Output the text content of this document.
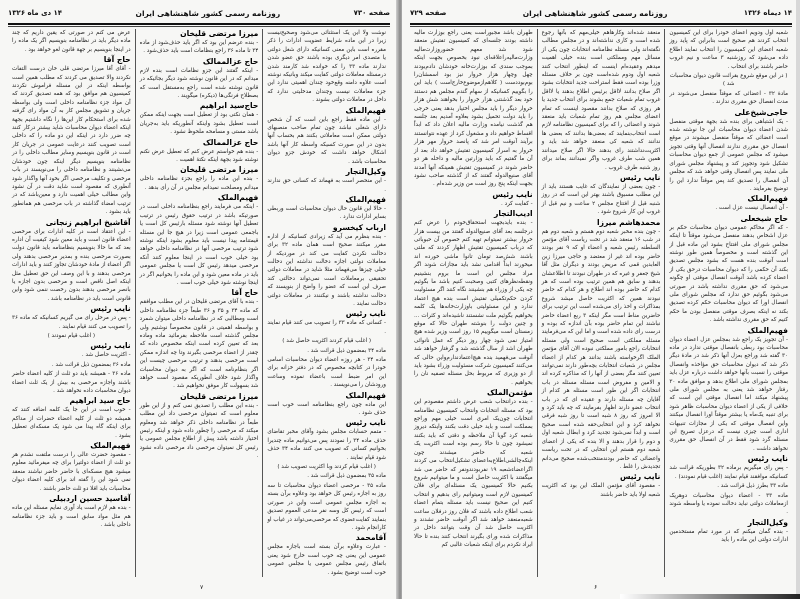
صفحه ۷۳۰
روزنامه رسمی کشور شاهنشاهی ایران
۱۴ دی ماه ۱۳۲۶

نوشت ولا این یک استثنائی می‌شود وصحیح‌نیست زیرا در این ماده شرایط عضویت ادارات را ذکر مقرره است باین معنی کسانیکه دارای شغل دولتی یا متصدی امر دیگری بوده باشند حق عضو شدن ندارند ماده ۳۳ را که خوانده شد کارمند شدن درمسئله معاملات دولتی کفایت میکند وبانیکه نوشته است علاوه دامنه وقع‌خود چندان اهمیتی ندارد این جزء معاملات نیست وچندان مدخلیتی ندارد که داخل در معاملات دولتی بشوند .

فهیم‌الملک

- این ماده فقط راجع باین است که آن شخص دارای شغلی نباشد چون تمام صاحب منصبهای دولتی ممکن است معاملاتی بکنند هم بحساب آنها بدون در این صورت کسیکه واسطه کار آنها باشد اشکال خواهد داشت که خودش جزو دیوان محاسبات باشد .

وکیل‌التجار

- این منحصر است به فهماند که کسانی حق ندارند .

فهیم‌الملک

- حالا این قانون حال دیوان محاسبات است وربطی بسایر ادارات ندارد .

ارباب کیخسرو

- بنده بنظرم می آید که زیرادی کسانیکه از اداره مقرر میکنند صحیح است همان ماده ۳۲ برای دخالت نکردن کفایت می کند در موردیکه از معاملات دولتی اجازه دخالت نداشته این دخالت خیلی چیزها می‌فهماند مثلا شاید در معاملات دولتی تحقیقی برمعاملات است نمی‌تواند دخالتی کند صرف این است که عضو را واضح از بنویسند که دخالت نداشته باشند و نیکنندد در معاملات دولتی دخالت نمایند .

نایب رئیس

- کسانی که ماده ۳۳ را تصویب می کنند قیام نمایند .

( اغلب قیام کردند اکثریت حاصل شد )

ماده ۳۴ بمضمون ذیل قرائت شد .

ماده ۳۴ - هر روزه اعضاء دیوان محاسبات اسامی خودرا در کتابچه مخصوص که در دفتر خزانه برای این امر ضبط است باعضاء نموده وساعت ورودشان را می‌نویسند .

فهیم‌الملک

این ماده چون راجع بنظامنامه است خوب است حذف شود .

نایب رئیس

- متمم حسابات مجلس بشود وآقای مخبر تقاضای حذف ماده ۳۴ را نمودند پس می‌توانیم ماده چندیرا بخوانیم کسانی که تصویب می کنند ماده ۳۴ حذف شود قیام نمایند .

( اغلب قیام کردند وبا اکثریت تصویب شد )

ماده ۳۵ بمضمون ذیل قرائت شد .

ماده ۳۵ - مرخصی اعضاء دیوان محاسبات تا سه روز به اجازه رئیس کل خواهد بود وعلاوه برآن بسته به اجازه مجلس عمومی است واین در صورتی است که رئیس کل وسه نفر مدعی العموم تصدیق بنمایند کفایت‌عضوی که مرخصی‌می‌تواند در غیاب او کارانجام شود .

آقامحمد

- عبارت وعلاوه برآن بسته است باجازه مجلس عمومی این یعنی چه خوب است خارج شود یعنی باتفاق رئیس مجلس عمومی یا مجلس عمومی خوب است توضیح بشود .

میرزا مرتضی قلیخان

- بنده عرضم این بود که اگر باید حذف‌شود از ماده ۳۴ تا ماده ۳۶ راجع بنظامات است باید حذف‌شود .

حاج عزالممالک

- اینکه گفتند این جزو نظامات است بنده لازم میدانم که در این قانون نوشته شود دیگر بجائیکه در قانون نوشته شده است راجع به‌مستقل است که بصطلاح فرنگی‌ها (دیکره) میگویند .

حاج‌سید ابراهیم

- همان نکتی بود از تعطیل است بجهت اینکه ممکن است تعطیل بشود واینکه آنطوریکه باید به‌جریان باشد مستی و مسامحه ملحوظ نشود .

حاج عزالممالک

- بنده هم خواستم عرض کنم که تعطیل عرض نکنم نوشته شود بجهة اینکه نکتهٔ اهمیت .

میرزا مرتضی قلیخان

- بنده این ماده را راجع بجزء نظامنامه داخلی میدانم ومصلحت نمیدانم مجلس در آن رأی بدهد .

فهیم‌الملک

- اینکه می فرمایند راجع بنظامنامه داخلی است در صورتیکه باشد در ترتیب حقوق رئیس در ترتیب تعطیل آنها نوشته شود مسئله بارئیس کل است یا باجمعی عمومی است زیرا در هیچ جا این مسئله قیمتنامه پیدا نیست باید معلوم بشود اینکه نوشته شود ترتیب مرخصی آنها در نظامنامه داخلی خواهد بود خیلی خوب است در اینجا معلوم کنند آنکه مرخصی میدهد رئیس کل است یا مجلس عمومی باید در ماده معین شود و این ماده را بخوانیم اگر در اینجا نوشته شود خیلی خوب است .

حاج آقا

- بنده با آقای مرتضی قلیخان در این مطلب موافقم که ماده ۳۴ و ۳۵ و ۳۶ طبعاً جزء نظامنامه داخلی است ومطالبی که در نظامنامه داخلی میتوان شمرد و بواسطه اهمیتی در قانون مخصوصاً نوشتیم ولی مجلس گذشته است ملاحظه بفرمائید ماده وماده بعد که تعیین کرده است اینکه مخصوص داده که چقدر از اعضاء مرخصی بگیرند وتا چه اندازه ممکن است مرخصی بدهند و ترتیب مرخصی چیست این اگر بنظام‌نامه است که اگر به دیوان محاسبات واگذار شود خلاف آنطوریکه مقصود است خواهد شد بسهولت کار موفق نخواهیم شد .

میرزا مرتضی قلیخان

- بنده این مطلب را تصدیق نمی کنم و از این طور معلوم است که نمیتوان مرخصی داد این مطلب طبعاً در نظامنامه داخلی ذکر خواهد شد ومعلوم میکند که مرخصی را چطور داده شود و اینکه رئیس اختیار داشته باشد پیش از اطلاع مجلس عمومی یا رئیس کل نمیتوان مرخصی داد مرخصی داده نشود .

عرض می کنم در صورتی که یقین داریم که چند ماده دیگر باید در نظامنامه بنویسیم اگر یک ماده را در اینجا بنویسیم بر جهة قانون لغو خواهد بود .

حاج آقا

- آقای آقا میرزا مرتضی قلی خان درست التفات نکردند والا تصدیق می کردند که مطلب همین است بواسطه اینکه در این مسئله فراموش نکردند کمیسیون هم موافق بود که همه تصدیق کردند که آن مواد جزء نظامنامه داخلی است ولی بواسطه جریان و تشویق مجلس کار به آن مواد رای گرفته شده برای استحکام کار این‌ها را نگاه داشتیم بجهة اینکه اعضاء دیوان محاسبات شاید بیشتر درکار کنند چه ضرر دارد در اینکه این دو ماده را که داخلی است تصویب کنند درعایت عمومی در جریان کار است در قانون بنویسیم وسایر مطالب داخلی را در نظامنامه بنویسیم دیگر اینکه چون خودشان می‌نشینند و نظامنامه داخلی را می‌نویسند در باب مرخصی و تکلیف مرخصی اگر بخود آنها واگذار شود آنطوری که مقصود است شاید دقت در آن نشود واین مطالب خیلی اهمیت دارد و معین‌باشد که در ترتیب امضاء گذاشته در باب مرخصی هم همانطور باید بشود .

آقاشیخ ابراهیم زنجانی

- این اعتقاد است در کلیه ادارات برای مرخصی اعضاء قانون است و باید معین شود کیفیت آن اداره بعد که ما حالا بنویسیم بنظامنامه باید قانون دولت بصورت مرخصی بنده و بمدیر مرخصی بدهند ولی اگر اعضاء از مادهٔ خودشان تجاوز کنند و باید ادارات مرخصی بدهند و با این وصف این حق تعطیل مثل اینکه اصل ناقص است و مرخصی بدون اجازه یا بانصر مرخصی بدهند بدون رخصت ننمی شود واین قانونی است باید در نظامنامه باشد .

نایب رئیس

- پس در مرحل رای می گیریم کسانیکه که ماده ۳۶ را تصویب می کنند قیام نمایند .

( اغلب قیام نمودند )

نایب رئیس

- اکثریت حاصل شد .

ماده ۳۶ بمضمون ذیل قرائت شد .

ماده ۳۶ - همیشه باید دو ثلث از کلیه اعضاء حاضر باشند واجازه مرخصی به بیش از یک ثلث اعضاء دیوان محاسبات داده نخواهد شد .

حاج سید ابراهیم

- خوب است در این جا یک کلمه اضافه کنند که همیشه دو ثلث از کلیه اعضاء حضرات از مداکم برای اینکه گاه پیدا می شود یک مسکه‌ای تعطیل بشود .

فهیم‌الملک

- مقصود حضرت عالی را درست ملتفت نشدم هر دو ثلث از اعضاء دولتیرا برای چه میفرمائید معلوم میشود هیچ مسکه‌ای با حاضر حاضر نباشند منعقد نمی شود این را گفته اند برای کلیه اعضاء دیوان محاسبات باید اقلا دو ثلث حاضر باشند .

آقاسید حسین اردبیلی

- بنده هم لازم است یاد آوری نمایم مسئله این ماده هم مثل مواد سابق است و باید جزء نظامنامه داخلی باشد .

۷
۱۴ دیماه ۱۳۲۶
روزنامه رسمی کشور شاهنشاهی ایران
صفحه ۷۲۹

شعبه اول ودویم اعضای خودرا برای این کمیسیون انتخاب کردند‌ هم صحیح است بنابراین که پاید روز شعبه اعضای این کمیسیون را انتخاب نمایند اطلاع داده می‌شود که روزشنبه ۳ ساعت و نیم غروب حاضر باشند برای انتخاب .

( در این موقع شروع بقرائت قانون دیوان محاسبات شد )

مادهٔ ۳۲ - اعضائی که موقتاً منفصل می‌شوند در مدت انفصال حق مقرری ندارند .

حاجی‌شیخ‌علی

- یک اشتباهی برای بنده شد بجهة موقتی منفصل شدن اعضاء دیوان محاسبات این جا نوشته شده است اعضائی که موقتاً منفصل میشوند در موقع انفصال حق مقرری ندارند انفصال آنها وقتی تجویز میشود که مجلس عمومی از جمع دیوان محاسبات تشکیل شود وتجویز کند و پیشنهاد مجلس شورای ملی نمایند پس انفصال وقتی خواهد شد که مجلس آن انفصال را تصدیق کند پس موقتاً ندارد این را توضیح بفرمایند .

فهیم‌الملک

- آن انفصال نیست عزل است .

حاج شیخعلی

- که اگر محاکم عمومی دیوان محاسبات حکم بر عزل اشخاص بدهند منفصل می‌شود موقتاً تا اینکه مجلس شورای ملی افتتاح بشود این ماده قبل از این گذشته است و مخصوصاً همین طور نوشته است آنوقت بنده هست که بشود مجلس تصدیق بکند آن حکمی را که دیوان محاسبات درحق یکی از اعضاء کرده باشد آنوقت انفصال موقتی او چگونه می‌شود که حق مقرری نداشته باشد در صورتی می‌شود بگوئیم حق ندارد که مجلس شورای ملی انفصال اورا که دیوان محاسبات حکم کرده تصدیق بکند نه اینکه بصرف موقتی منفصل بودن ما حکم کنیم که حق مقرری نداشته باشد .

فهیم‌الملک

- آن تجویز یک راجع شد بمجلس عزل اعضاء دیوان محاسبات بود ربطی بانفصال موقتی ندارد در ماده ۳۰ گفته شد وراجع بعزل آنها ذکر شد در مادهٔ دیگر ذکر شد که دیوان محاسبات حق مؤاخذه وانفصال موقتی را نسبت بآنها خواهد داشت درباره عزل باید بمجلس شورای ملی اطلاع بدهد و موافق ماده ۳۰ رفتار خواهد شد یعنی به مجلس شورای ملی پیشنهاد میکند اما انفصال موقتی این است که خلافی از یکی از اعضاء دیوان محاسبات ظاهر شود برای تنبیه یک‌ماه یا بیشتر موقتاً اورا انفصال میکنند واین انفصال موقتی که یکی از مجازات تنبیهات اداری است چیزی نیست که درعزل تصریح این مسئله گرد شود فقط در آن انفصال حق مقرری نخواهد داشت .

نایب رئیس

- پس رای میگیریم برماده ۳۲ بطوریکه قرائت شد کسانیکه موافقند قیام نمایند (اغلب قیام نمودند) .

ماده ۳۳ بطرز ذیل قرائت شد .

ماده ۳۳ - اعضاء دیوان محاسبات دوهریک ازمعاملات دولتی نباید دخالت نموده یا واسطه شوند .

وکیل‌التجار

- بنده گمان میکنم که در مورد تمام مستخدمین ادارات دولتی این ماده را باید

منعقد شده‌اند وکارهاهم خیلی‌مهم که بآنها رجوع شده است و کاری نداشته‌اند و در مجلس مطالب نگفته‌اند ولی مسئله نظامنامه انتخابات چون یکی از مسائل مهم ومملکتی است بنده خیلی اهمیت میدهم وعقیده‌ام اینست که اینطور انتخاب کنند شعبه اول ودوم شده‌است چون بر خلاف مسئله وزرا بوده است فقط استراحت جدید انتخابات بشود اگر صلاح بدانند لااقل برئیس اطلاع بدهند یا لااقل غروب تمام شعبات جمع بشوند برای انتخاب جدید یا هر روزی که صلاح بدانند مقصود اینست که تمام اعضای مجلس هم روز تمام شعبات باید منعقد شوند و اعضائی را که برای کمیسیون نظامنامه لازم است انتخاب‌بنمایند که بعضی‌ها بدانند که بعضی ها ندانند که شعبه کی منعقد خواهد شد باید و اکثریت‌نداشتند رای بدهند حالا اگر صلاح میدانند همین شب طرف غروب واگر نمیدانند بماند برای روز شنبه طرف غروب .

نایب رئیس

- چون بعضی از نمایندگان که غایب هستند باید از این مطلب مسبوق باشند بهتر این است که در روز شنبه قبل از افتتاح مجلس ۲ ساعت و نیم قبل از غروب این کار شروع شود .

محمدهاشم میرزا

- چون بنده مخبر شعبه دوم هستم و شعبه دوم هم در شب ۱۶ منعقد شد در تحت ریاست آقای مؤتمن السلطنه رئیس شعبه و اعضاء او که ۹ نفر بودند حاضر بوده اند غیر از معتضد و حاجی میرزا زین العابدین قمی که مریض بودند و دیگران مثل آقا شیخ جعفر و غیره که در طهران نبودند تا اطلاعشان بدهند و سابق هم همین ترتیب بوده است که هر کدام که حاضر بوده اند اطلاع و هر کدام که حاضر نبودند همین که اکثریت حاصل میشد شروع بمذاکرات و اخذ رای می‌شده است این ترتیب برای حاضرین مناط است مگر اینکه ۳ ربع اعضاء حاضر نباشند این تمام حاضر بوده بآن اندازه که بوده و درست رای داده شده است و اما این که می‌فرمایند مسئله مملکتی است صحیح است ولی مسئله انتخابات راجع بامور مملکتی نبوده الان آقای مؤتمن الملک اگرخواسته باشند بدانند هر کدام از اعضاء مجلس در شعبات انتخابات بچه‌طور دارند نمی‌توانند تعیین کنند مگر بعضی از آنها را که مذاکره کرده اند و الامین و مفروض است مسئله مسئله در باب انتخابات اگر این طور است مسئله هر کدام از آقایان چه مسئله دارند و عقیده ای که در باب انتخاب عضو دارند اظهار بفرمایند که چه باید کرد و الا امروز که روز ۸ شبه است تا روز شبه فرقی نخواهد کرد و این انتخابی‌حقه شده است صحیح است و ابداً نمی‌شود تجدید کرد و ابطال شعبه اول و دوم را قرار بدهند و الا بنده که یکی از اعضای شعبه دوم هستم این انتخابی که در تحت ریاست واعضائی که حاضر بودند‌منتخب‌شده صحیح می‌دانم تجدیدش را غلط .

نایب رئیس

- مقصود آقای مؤتمن الملک این بود که اکثریت شعبه اولا باید حاضر باشند

طهران باشد مجبوراست یعنی راجع بوزارت مالیه داشته بودند جلسه‌ای که کمیسیون تفتیش منعقد شود شد معهم حضوروزارت‌مالیه وزارت‌مالیه‌را‌علاقه‌ای نبود بخصوص بجهت اینکه بموجب سندی که بوزارت‌خانه خودشان دادم‌بودند چهل وچهار هزار خروار نیز بود اسمشان‌را بوم‌بود‌دست ( کلاهم‌ازموضوع‌خارج‌است ) باید این را بگوییم کسانیکه از سهام گندم مجلس هم‌ دستند خود بعد گذشتنی هزار خروار را بخواهند شش هزار خروار دیگر را باید مجلس اختیار بدهد یعنی خرجی را باید دولت تحمیل بشود بعلاوه آمدیم بعد جلسه هم گذشت نیامده وزارت مالیه اعلان داد که ابداً اقساط خواهیم داد و مشغول کرد از عهده نتوانستند برآیند آنوقت امر شد که پانصد خروار مهر هزار خروار به اسرار کمیسیون تفتیش خواهد داد بعد از آن ما گفتیم که باید وزارتین مالیه و داخله هر دو حاضر شوند در کمیسیون تفتیش همینکه آنها آمدند آقای صنیع‌الدوله گفتند که از گذشته صاحب نشود بجهت اینکه پنج روز است من وزیر شده‌ام .

نایب رئیس

- کفایت کرد .

ادیب‌التجار

- بنده بایدبجهت استحقاق‌خودم را عرض کنم درجلسه بعد آقای صنیع‌الدوله گفتند من بیست هزار خروار بیشتر نمیتوانم تهیه کنم خصوص آن حبوباتی که درباب کمیسیون تفتیش اظهار کردند که ملتی باشند شش‌صد تومان تانوا ماشی خورده‌ اند میخورند ابداً اقدامی نشد باید مجازات شوند اگر مراد مجلس این است ما بروم بنشینیم ونقطه‌نظرهای کتبی وصحبت کنیم باشد ما بگوئیم چه یکی از وزراء هم بنشینند نگاه کنند اگر مسئولیت کردن حکم‌تکمیلی تفتیش است بنده هیچ اعتماد ندارد و این مسئولیتی باوزارت‌خانه‌ها یک کلمه بخواهیم بگوئیم ملت نشستند ناشیده‌اند و کثرات ... و چنین دولت را بنوشته طهران حالا که موقع زمستان است میگوییم ۱۵ روز است وزیر شده هیچ امتیاز نمی شود چهار روز دیگر که عمل نانوائی طهران اشد از سال گذشته شد و گرفتار خواهد شد آنوقت می‌فهمید بنده هیچ‌اعتمادندارم‌واین حالی که می‌کنند کمیسیون شرکت مسئولیت وزراء بشود باید از دو وزیری که مربوط بحل مسئله تصفیه نان را بخواهیم .

مؤتمن‌الملک

- بنده درانتخاب شعب عرض داشتم مقصودم این بود که مسئله انتخابات وانتخاب کمیسیون نظامنامه انتخابات چون‌یک امری است خیلی مهم وراجع بمملکت است و باید خیلی دقت بکنند واینکه دیروز شعبه‌ کرد گویا آن ملاحظه و دقتی که باید بکنند نمیشود چون تا حالا رسم بوده است اکثریت یک شعبه که حاضر میشدند چون اینکه‌چالشی‌اطلاع‌به‌اعضای تشکیل‌انتخاب می کردند اگراعضاء‌شعبه ۱۹ نفربودند‌ونفر که حاضر می شد میگفتند با اکثریت حاصل است و ما میتوانیم شروع بکنیم حالا کمیسیون یک مسئله‌ای برای فلان کمیسیون لازم است ومیتوانیم رای بدهیم و انتخاب کنیم این صحیح نیست باید مسئله بتمام اعضاء شعب اطلاع داده باشند که فلان روز درفلان ساعت شعبه‌منعقد خواهد شد اگر آنوقت حاضر نشدند و اکثریت حاصل شد آن وقت بتوانند داخل در مذاکرات شده ورای بگیرند انتخاب کنند بنده تا حالا ایراد نکردم برای اینکه شعبات غالبی کم

۶
